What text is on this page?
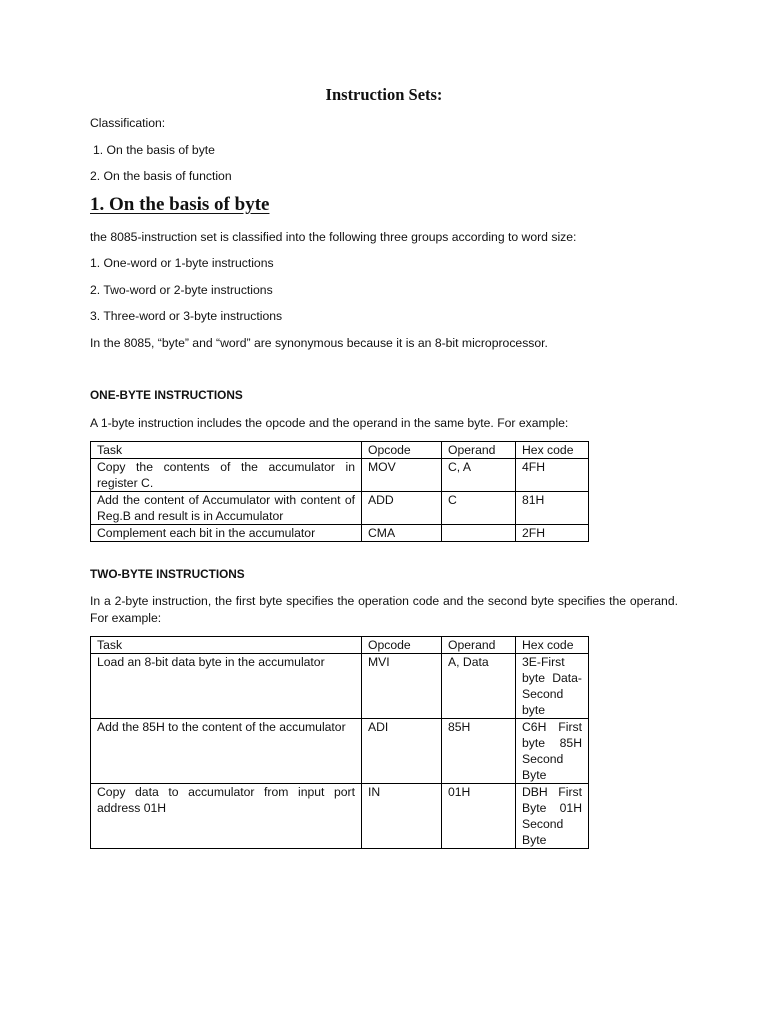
Instruction Sets:

Classification:

1. On the basis of byte

2. On the basis of function

1. On the basis of byte

the 8085-instruction set is classified into the following three groups according to word size:

1. One-word or 1-byte instructions

2. Two-word or 2-byte instructions

3. Three-word or 3-byte instructions

In the 8085, “byte” and “word” are synonymous because it is an 8-bit microprocessor.

ONE-BYTE INSTRUCTIONS

A 1-byte instruction includes the opcode and the operand in the same byte. For example:

Task	Opcode	Operand	Hex code
Copy the contents of the accumulator in register C.	MOV	C, A	4FH
Add the content of Accumulator with content of Reg.B and result is in Accumulator	ADD	C	81H
Complement each bit in the accumulator	CMA		2FH
TWO-BYTE INSTRUCTIONS

In a 2-byte instruction, the first byte specifies the operation code and the second byte specifies the operand. For example:

Task	Opcode	Operand	Hex code
Load an 8-bit data byte in the accumulator	MVI	A, Data	3E-First byte Data-Second byte
Add the 85H to the content of the accumulator	ADI	85H	C6H First byte 85H Second Byte
Copy data to accumulator from input port address 01H	IN	01H	DBH First Byte 01H Second Byte
